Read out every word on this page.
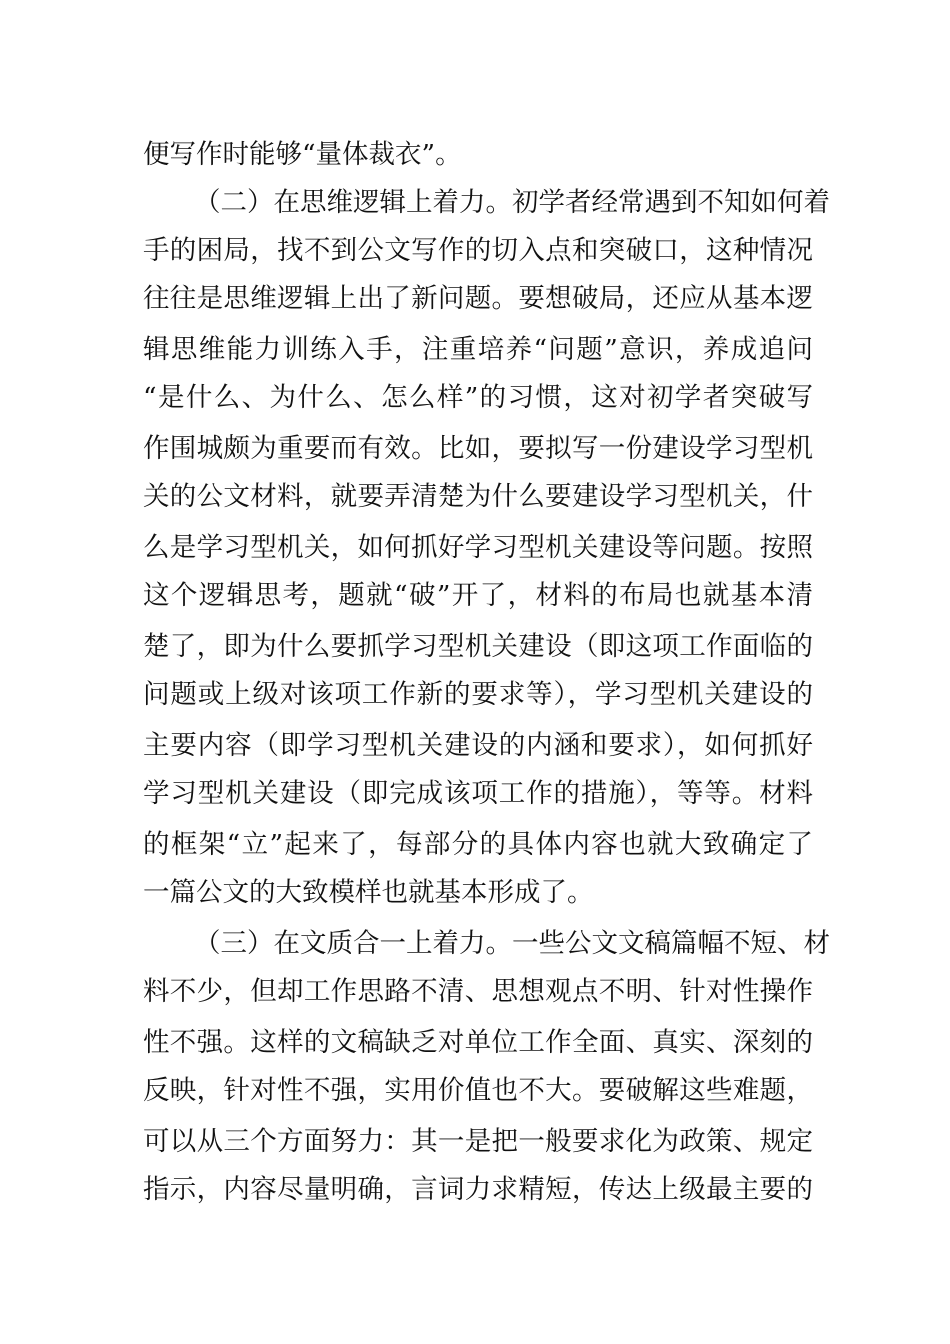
便写作时能够“量体裁衣”。
（二）在思维逻辑上着力。初学者经常遇到不知如何着
手的困局，找不到公文写作的切入点和突破口，这种情况
往往是思维逻辑上出了新问题。要想破局，还应从基本逻
辑思维能力训练入手，注重培养“问题”意识，养成追问
“是什么、为什么、怎么样”的习惯，这对初学者突破写
作围城颇为重要而有效。比如，要拟写一份建设学习型机
关的公文材料，就要弄清楚为什么要建设学习型机关，什
么是学习型机关，如何抓好学习型机关建设等问题。按照
这个逻辑思考，题就“破”开了，材料的布局也就基本清
楚了，即为什么要抓学习型机关建设（即这项工作面临的
问题或上级对该项工作新的要求等），学习型机关建设的
主要内容（即学习型机关建设的内涵和要求），如何抓好
学习型机关建设（即完成该项工作的措施），等等。材料
的框架“立”起来了，每部分的具体内容也就大致确定了
一篇公文的大致模样也就基本形成了。
（三）在文质合一上着力。一些公文文稿篇幅不短、材
料不少，但却工作思路不清、思想观点不明、针对性操作
性不强。这样的文稿缺乏对单位工作全面、真实、深刻的
反映，针对性不强，实用价值也不大。要破解这些难题，
可以从三个方面努力：其一是把一般要求化为政策、规定
指示，内容尽量明确，言词力求精短，传达上级最主要的
